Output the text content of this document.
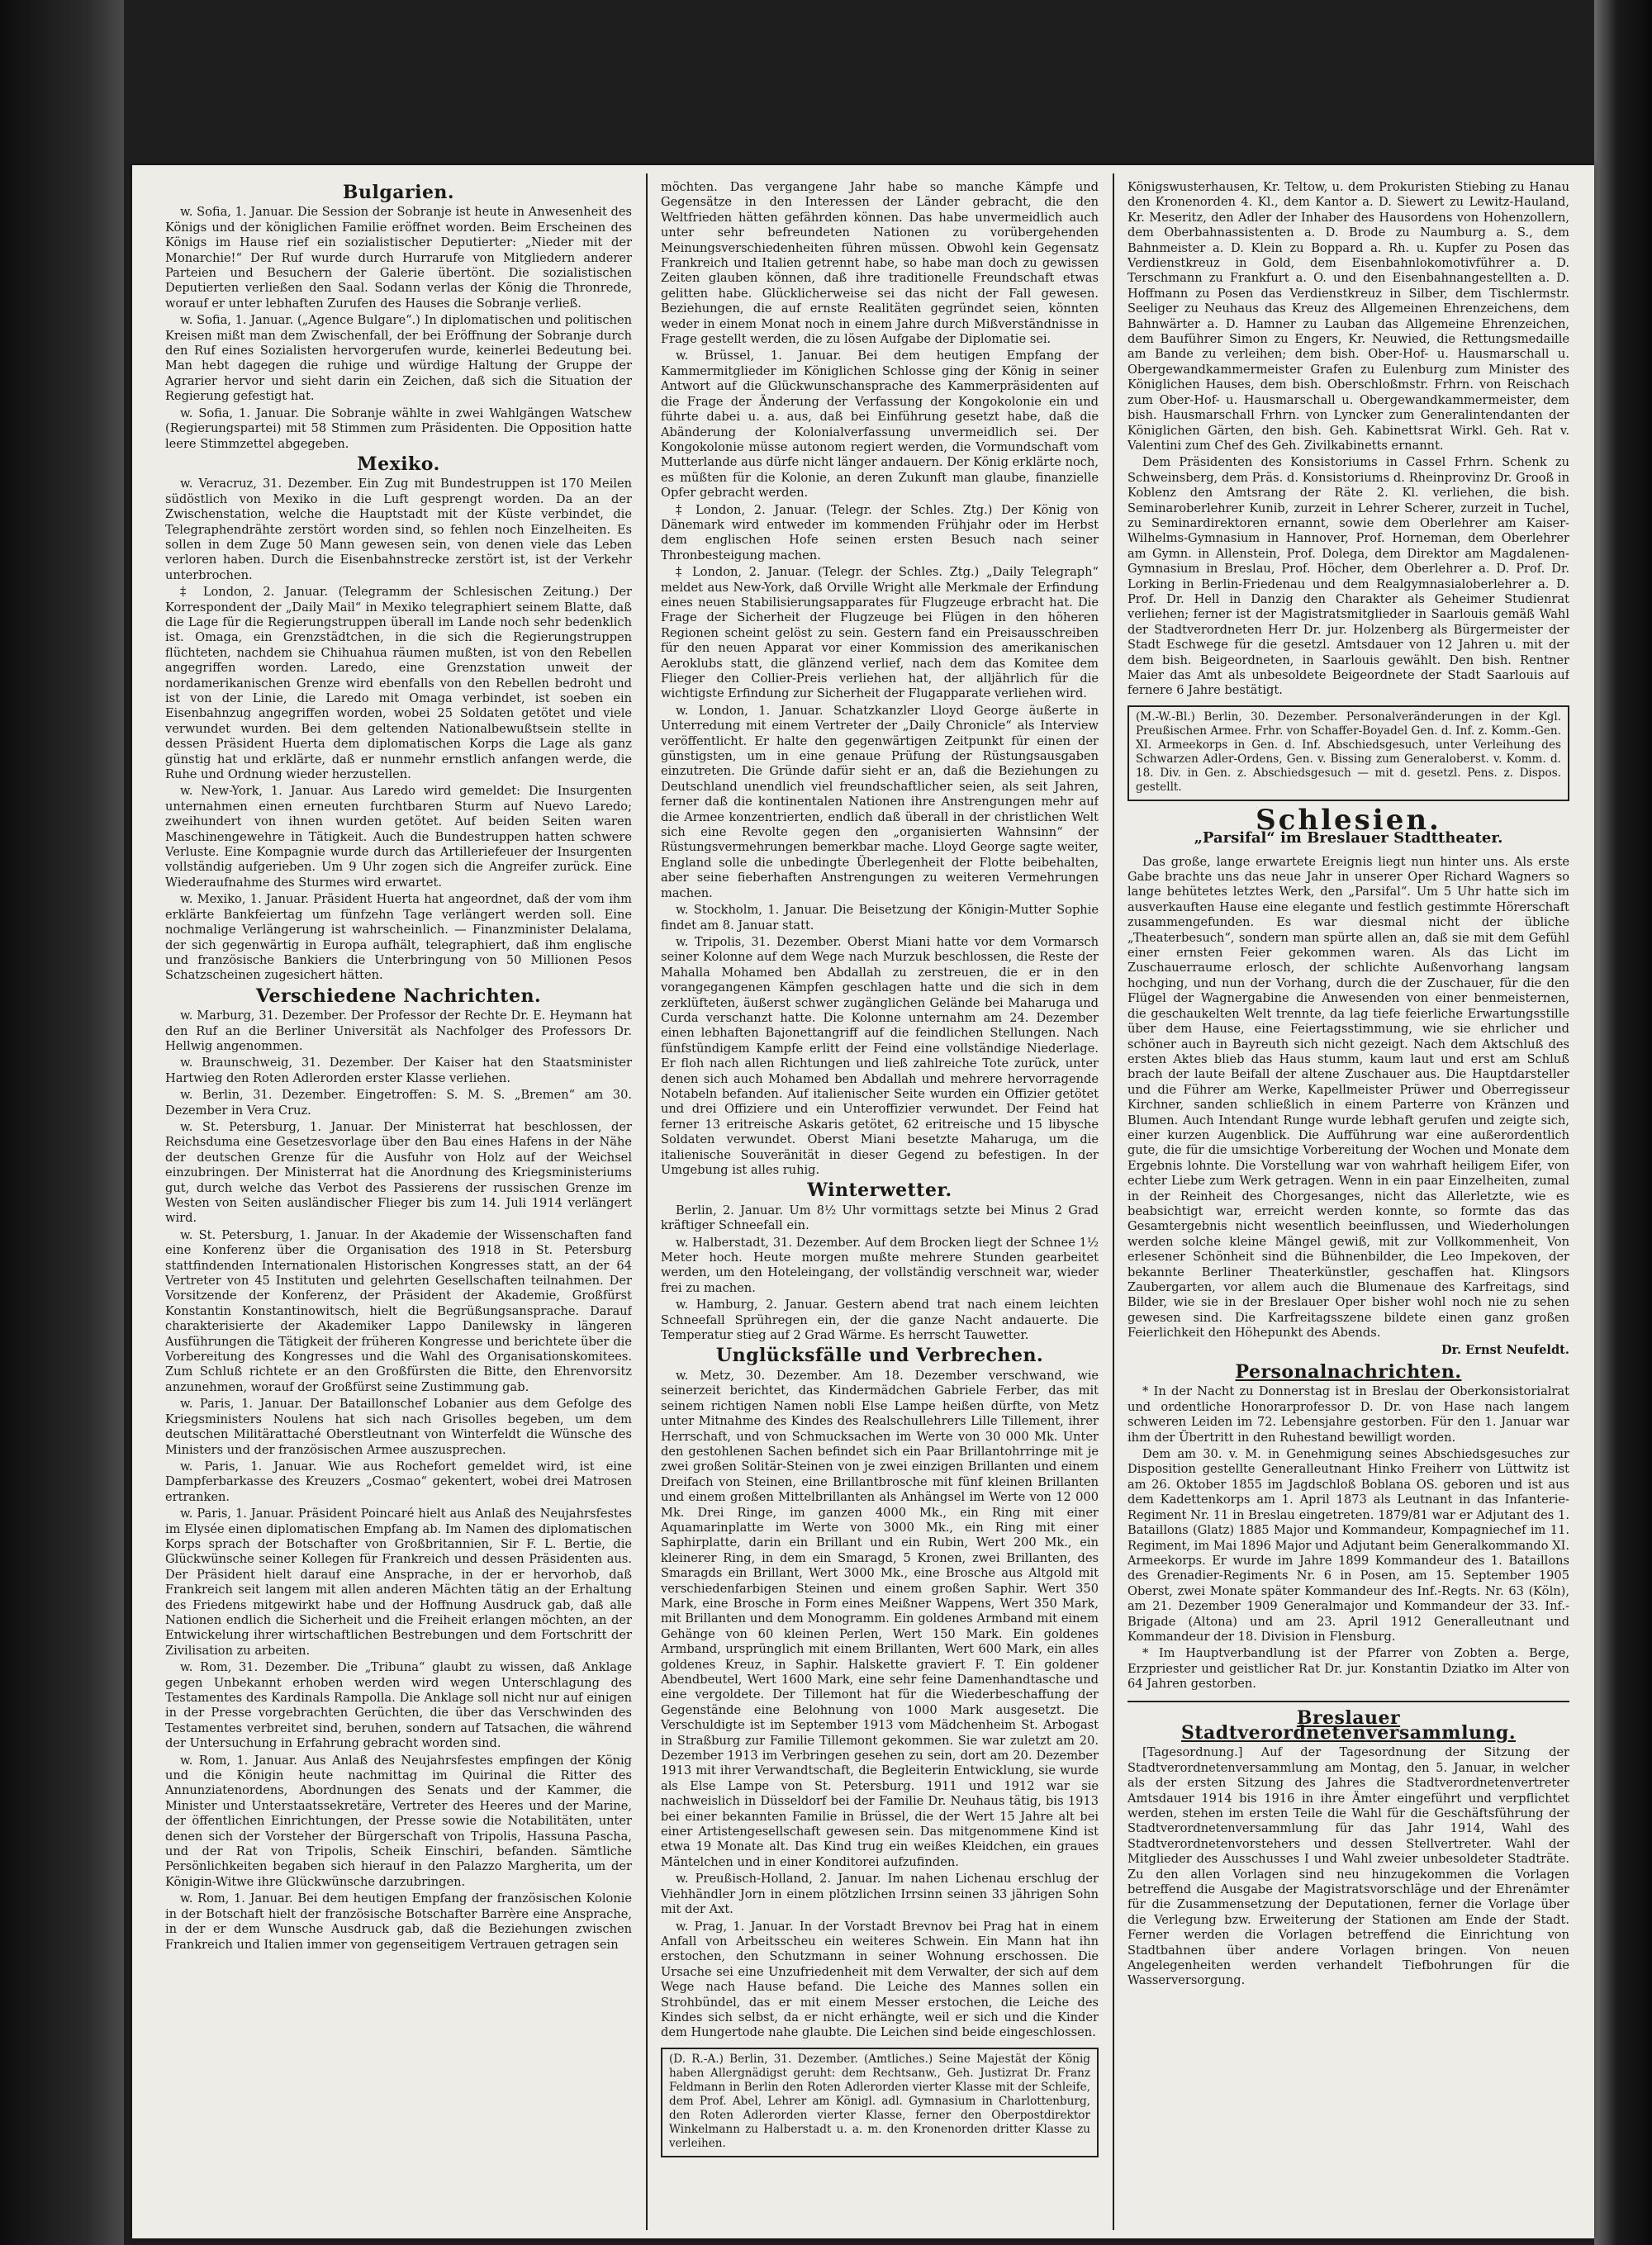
Bulgarien.

w. Sofia, 1. Januar. Die Session der Sobranje ist heute in Anwesenheit des Königs und der königlichen Familie eröffnet worden. Beim Erscheinen des Königs im Hause rief ein sozialistischer Deputierter: „Nieder mit der Monarchie!“ Der Ruf wurde durch Hurrarufe von Mitgliedern anderer Parteien und Besuchern der Galerie übertönt. Die sozialistischen Deputierten verließen den Saal. Sodann verlas der König die Thronrede, worauf er unter lebhaften Zurufen des Hauses die Sobranje verließ.

w. Sofia, 1. Januar. („Agence Bulgare“.) In diplomatischen und politischen Kreisen mißt man dem Zwischenfall, der bei Eröffnung der Sobranje durch den Ruf eines Sozialisten hervorgerufen wurde, keinerlei Bedeutung bei. Man hebt dagegen die ruhige und würdige Haltung der Gruppe der Agrarier hervor und sieht darin ein Zeichen, daß sich die Situation der Regierung gefestigt hat.

w. Sofia, 1. Januar. Die Sobranje wählte in zwei Wahlgängen Watschew (Regierungspartei) mit 58 Stimmen zum Präsidenten. Die Opposition hatte leere Stimmzettel abgegeben.

Mexiko.

w. Veracruz, 31. Dezember. Ein Zug mit Bundestruppen ist 170 Meilen südöstlich von Mexiko in die Luft gesprengt worden. Da an der Zwischenstation, welche die Hauptstadt mit der Küste verbindet, die Telegraphendrähte zerstört worden sind, so fehlen noch Einzelheiten. Es sollen in dem Zuge 50 Mann gewesen sein, von denen viele das Leben verloren haben. Durch die Eisenbahnstrecke zerstört ist, ist der Verkehr unterbrochen.

‡ London, 2. Januar. (Telegramm der Schlesischen Zeitung.) Der Korrespondent der „Daily Mail“ in Mexiko telegraphiert seinem Blatte, daß die Lage für die Regierungstruppen überall im Lande noch sehr bedenklich ist. Omaga, ein Grenzstädtchen, in die sich die Regierungstruppen flüchteten, nachdem sie Chihuahua räumen mußten, ist von den Rebellen angegriffen worden. Laredo, eine Grenzstation unweit der nordamerikanischen Grenze wird ebenfalls von den Rebellen bedroht und ist von der Linie, die Laredo mit Omaga verbindet, ist soeben ein Eisenbahnzug angegriffen worden, wobei 25 Soldaten getötet und viele verwundet wurden. Bei dem geltenden Nationalbewußtsein stellte in dessen Präsident Huerta dem diplomatischen Korps die Lage als ganz günstig hat und erklärte, daß er nunmehr ernstlich anfangen werde, die Ruhe und Ordnung wieder herzustellen.

w. New-York, 1. Januar. Aus Laredo wird gemeldet: Die Insurgenten unternahmen einen erneuten furchtbaren Sturm auf Nuevo Laredo; zweihundert von ihnen wurden getötet. Auf beiden Seiten waren Maschinengewehre in Tätigkeit. Auch die Bundestruppen hatten schwere Verluste. Eine Kompagnie wurde durch das Artilleriefeuer der Insurgenten vollständig aufgerieben. Um 9 Uhr zogen sich die Angreifer zurück. Eine Wiederaufnahme des Sturmes wird erwartet.

w. Mexiko, 1. Januar. Präsident Huerta hat angeordnet, daß der vom ihm erklärte Bankfeiertag um fünfzehn Tage verlängert werden soll. Eine nochmalige Verlängerung ist wahrscheinlich. — Finanzminister Delalama, der sich gegenwärtig in Europa aufhält, telegraphiert, daß ihm englische und französische Bankiers die Unterbringung von 50 Millionen Pesos Schatzscheinen zugesichert hätten.

Verschiedene Nachrichten.

w. Marburg, 31. Dezember. Der Professor der Rechte Dr. E. Heymann hat den Ruf an die Berliner Universität als Nachfolger des Professors Dr. Hellwig angenommen.

w. Braunschweig, 31. Dezember. Der Kaiser hat den Staatsminister Hartwieg den Roten Adlerorden erster Klasse verliehen.

w. Berlin, 31. Dezember. Eingetroffen: S. M. S. „Bremen“ am 30. Dezember in Vera Cruz.

w. St. Petersburg, 1. Januar. Der Ministerrat hat beschlossen, der Reichsduma eine Gesetzesvorlage über den Bau eines Hafens in der Nähe der deutschen Grenze für die Ausfuhr von Holz auf der Weichsel einzubringen. Der Ministerrat hat die Anordnung des Kriegsministeriums gut, durch welche das Verbot des Passierens der russischen Grenze im Westen von Seiten ausländischer Flieger bis zum 14. Juli 1914 verlängert wird.

w. St. Petersburg, 1. Januar. In der Akademie der Wissenschaften fand eine Konferenz über die Organisation des 1918 in St. Petersburg stattfindenden Internationalen Historischen Kongresses statt, an der 64 Vertreter von 45 Instituten und gelehrten Gesellschaften teilnahmen. Der Vorsitzende der Konferenz, der Präsident der Akademie, Großfürst Konstantin Konstantinowitsch, hielt die Begrüßungsansprache. Darauf charakterisierte der Akademiker Lappo Danilewsky in längeren Ausführungen die Tätigkeit der früheren Kongresse und berichtete über die Vorbereitung des Kongresses und die Wahl des Organisationskomitees. Zum Schluß richtete er an den Großfürsten die Bitte, den Ehrenvorsitz anzunehmen, worauf der Großfürst seine Zustimmung gab.

w. Paris, 1. Januar. Der Bataillonschef Lobanier aus dem Gefolge des Kriegsministers Noulens hat sich nach Grisolles begeben, um dem deutschen Militärattaché Oberstleutnant von Winterfeldt die Wünsche des Ministers und der französischen Armee auszusprechen.

w. Paris, 1. Januar. Wie aus Rochefort gemeldet wird, ist eine Dampferbarkasse des Kreuzers „Cosmao“ gekentert, wobei drei Matrosen ertranken.

w. Paris, 1. Januar. Präsident Poincaré hielt aus Anlaß des Neujahrsfestes im Elysée einen diplomatischen Empfang ab. Im Namen des diplomatischen Korps sprach der Botschafter von Großbritannien, Sir F. L. Bertie, die Glückwünsche seiner Kollegen für Frankreich und dessen Präsidenten aus. Der Präsident hielt darauf eine Ansprache, in der er hervorhob, daß Frankreich seit langem mit allen anderen Mächten tätig an der Erhaltung des Friedens mitgewirkt habe und der Hoffnung Ausdruck gab, daß alle Nationen endlich die Sicherheit und die Freiheit erlangen möchten, an der Entwickelung ihrer wirtschaftlichen Bestrebungen und dem Fortschritt der Zivilisation zu arbeiten.

w. Rom, 31. Dezember. Die „Tribuna“ glaubt zu wissen, daß Anklage gegen Unbekannt erhoben werden wird wegen Unterschlagung des Testamentes des Kardinals Rampolla. Die Anklage soll nicht nur auf einigen in der Presse vorgebrachten Gerüchten, die über das Verschwinden des Testamentes verbreitet sind, beruhen, sondern auf Tatsachen, die während der Untersuchung in Erfahrung gebracht worden sind.

w. Rom, 1. Januar. Aus Anlaß des Neujahrsfestes empfingen der König und die Königin heute nachmittag im Quirinal die Ritter des Annunziatenordens, Abordnungen des Senats und der Kammer, die Minister und Unterstaatssekretäre, Vertreter des Heeres und der Marine, der öffentlichen Einrichtungen, der Presse sowie die Notabilitäten, unter denen sich der Vorsteher der Bürgerschaft von Tripolis, Hassuna Pascha, und der Rat von Tripolis, Scheik Einschiri, befanden. Sämtliche Persönlichkeiten begaben sich hierauf in den Palazzo Margherita, um der Königin-Witwe ihre Glückwünsche darzubringen.

w. Rom, 1. Januar. Bei dem heutigen Empfang der französischen Kolonie in der Botschaft hielt der französische Botschafter Barrère eine Ansprache, in der er dem Wunsche Ausdruck gab, daß die Beziehungen zwischen Frankreich und Italien immer von gegenseitigem Vertrauen getragen sein

möchten. Das vergangene Jahr habe so manche Kämpfe und Gegensätze in den Interessen der Länder gebracht, die den Weltfrieden hätten gefährden können. Das habe unvermeidlich auch unter sehr befreundeten Nationen zu vorübergehenden Meinungsverschiedenheiten führen müssen. Obwohl kein Gegensatz Frankreich und Italien getrennt habe, so habe man doch zu gewissen Zeiten glauben können, daß ihre traditionelle Freundschaft etwas gelitten habe. Glücklicherweise sei das nicht der Fall gewesen. Beziehungen, die auf ernste Realitäten gegründet seien, könnten weder in einem Monat noch in einem Jahre durch Mißverständnisse in Frage gestellt werden, die zu lösen Aufgabe der Diplomatie sei.

w. Brüssel, 1. Januar. Bei dem heutigen Empfang der Kammermitglieder im Königlichen Schlosse ging der König in seiner Antwort auf die Glückwunschansprache des Kammerpräsidenten auf die Frage der Änderung der Verfassung der Kongokolonie ein und führte dabei u. a. aus, daß bei Einführung gesetzt habe, daß die Abänderung der Kolonialverfassung unvermeidlich sei. Der Kongokolonie müsse autonom regiert werden, die Vormundschaft vom Mutterlande aus dürfe nicht länger andauern. Der König erklärte noch, es müßten für die Kolonie, an deren Zukunft man glaube, finanzielle Opfer gebracht werden.

‡ London, 2. Januar. (Telegr. der Schles. Ztg.) Der König von Dänemark wird entweder im kommenden Frühjahr oder im Herbst dem englischen Hofe seinen ersten Besuch nach seiner Thronbesteigung machen.

‡ London, 2. Januar. (Telegr. der Schles. Ztg.) „Daily Telegraph“ meldet aus New-York, daß Orville Wright alle Merkmale der Erfindung eines neuen Stabilisierungsapparates für Flugzeuge erbracht hat. Die Frage der Sicherheit der Flugzeuge bei Flügen in den höheren Regionen scheint gelöst zu sein. Gestern fand ein Preisausschreiben für den neuen Apparat vor einer Kommission des amerikanischen Aeroklubs statt, die glänzend verlief, nach dem das Komitee dem Flieger den Collier-Preis verliehen hat, der alljährlich für die wichtigste Erfindung zur Sicherheit der Flugapparate verliehen wird.

w. London, 1. Januar. Schatzkanzler Lloyd George äußerte in Unterredung mit einem Vertreter der „Daily Chronicle“ als Interview veröffentlicht. Er halte den gegenwärtigen Zeitpunkt für einen der günstigsten, um in eine genaue Prüfung der Rüstungsausgaben einzutreten. Die Gründe dafür sieht er an, daß die Beziehungen zu Deutschland unendlich viel freundschaftlicher seien, als seit Jahren, ferner daß die kontinentalen Nationen ihre Anstrengungen mehr auf die Armee konzentrierten, endlich daß überall in der christlichen Welt sich eine Revolte gegen den „organisierten Wahnsinn“ der Rüstungsvermehrungen bemerkbar mache. Lloyd George sagte weiter, England solle die unbedingte Überlegenheit der Flotte beibehalten, aber seine fieberhaften Anstrengungen zu weiteren Vermehrungen machen.

w. Stockholm, 1. Januar. Die Beisetzung der Königin-Mutter Sophie findet am 8. Januar statt.

w. Tripolis, 31. Dezember. Oberst Miani hatte vor dem Vormarsch seiner Kolonne auf dem Wege nach Murzuk beschlossen, die Reste der Mahalla Mohamed ben Abdallah zu zerstreuen, die er in den vorangegangenen Kämpfen geschlagen hatte und die sich in dem zerklüfteten, äußerst schwer zugänglichen Gelände bei Maharuga und Curda verschanzt hatte. Die Kolonne unternahm am 24. Dezember einen lebhaften Bajonettangriff auf die feindlichen Stellungen. Nach fünfstündigem Kampfe erlitt der Feind eine vollständige Niederlage. Er floh nach allen Richtungen und ließ zahlreiche Tote zurück, unter denen sich auch Mohamed ben Abdallah und mehrere hervorragende Notabeln befanden. Auf italienischer Seite wurden ein Offizier getötet und drei Offiziere und ein Unteroffizier verwundet. Der Feind hat ferner 13 eritreische Askaris getötet, 62 eritreische und 15 libysche Soldaten verwundet. Oberst Miani besetzte Maharuga, um die italienische Souveränität in dieser Gegend zu befestigen. In der Umgebung ist alles ruhig.

Winterwetter.

Berlin, 2. Januar. Um 8½ Uhr vormittags setzte bei Minus 2 Grad kräftiger Schneefall ein.

w. Halberstadt, 31. Dezember. Auf dem Brocken liegt der Schnee 1½ Meter hoch. Heute morgen mußte mehrere Stunden gearbeitet werden, um den Hoteleingang, der vollständig verschneit war, wieder frei zu machen.

w. Hamburg, 2. Januar. Gestern abend trat nach einem leichten Schneefall Sprühregen ein, der die ganze Nacht andauerte. Die Temperatur stieg auf 2 Grad Wärme. Es herrscht Tauwetter.

Unglücksfälle und Verbrechen.

w. Metz, 30. Dezember. Am 18. Dezember verschwand, wie seinerzeit berichtet, das Kindermädchen Gabriele Ferber, das mit seinem richtigen Namen nobli Else Lampe heißen dürfte, von Metz unter Mitnahme des Kindes des Realschullehrers Lille Tillement, ihrer Herrschaft, und von Schmucksachen im Werte von 30 000 Mk. Unter den gestohlenen Sachen befindet sich ein Paar Brillantohrringe mit je zwei großen Solitär-Steinen von je zwei einzigen Brillanten und einem Dreifach von Steinen, eine Brillantbrosche mit fünf kleinen Brillanten und einem großen Mittelbrillanten als Anhängsel im Werte von 12 000 Mk. Drei Ringe, im ganzen 4000 Mk., ein Ring mit einer Aquamarinplatte im Werte von 3000 Mk., ein Ring mit einer Saphirplatte, darin ein Brillant und ein Rubin, Wert 200 Mk., ein kleinerer Ring, in dem ein Smaragd, 5 Kronen, zwei Brillanten, des Smaragds ein Brillant, Wert 3000 Mk., eine Brosche aus Altgold mit verschiedenfarbigen Steinen und einem großen Saphir. Wert 350 Mark, eine Brosche in Form eines Meißner Wappens, Wert 350 Mark, mit Brillanten und dem Monogramm. Ein goldenes Armband mit einem Gehänge von 60 kleinen Perlen, Wert 150 Mark. Ein goldenes Armband, ursprünglich mit einem Brillanten, Wert 600 Mark, ein alles goldenes Kreuz, in Saphir. Halskette graviert F. T. Ein goldener Abendbeutel, Wert 1600 Mark, eine sehr feine Damenhandtasche und eine vergoldete. Der Tillemont hat für die Wiederbeschaffung der Gegenstände eine Belohnung von 1000 Mark ausgesetzt. Die Verschuldigte ist im September 1913 vom Mädchenheim St. Arbogast in Straßburg zur Familie Tillemont gekommen. Sie war zuletzt am 20. Dezember 1913 im Verbringen gesehen zu sein, dort am 20. Dezember 1913 mit ihrer Verwandtschaft, die Begleiterin Entwicklung, sie wurde als Else Lampe von St. Petersburg. 1911 und 1912 war sie nachweislich in Düsseldorf bei der Familie Dr. Neuhaus tätig, bis 1913 bei einer bekannten Familie in Brüssel, die der Wert 15 Jahre alt bei einer Artistengesellschaft gewesen sein. Das mitgenommene Kind ist etwa 19 Monate alt. Das Kind trug ein weißes Kleidchen, ein graues Mäntelchen und in einer Konditorei aufzufinden.

w. Preußisch-Holland, 2. Januar. Im nahen Lichenau erschlug der Viehhändler Jorn in einem plötzlichen Irrsinn seinen 33 jährigen Sohn mit der Axt.

w. Prag, 1. Januar. In der Vorstadt Brevnov bei Prag hat in einem Anfall von Arbeitsscheu ein weiteres Schwein. Ein Mann hat ihn erstochen, den Schutzmann in seiner Wohnung erschossen. Die Ursache sei eine Unzufriedenheit mit dem Verwalter, der sich auf dem Wege nach Hause befand. Die Leiche des Mannes sollen ein Strohbündel, das er mit einem Messer erstochen, die Leiche des Kindes sich selbst, da er nicht erhängte, weil er sich und die Kinder dem Hungertode nahe glaubte. Die Leichen sind beide eingeschlossen.

(D. R.-A.) Berlin, 31. Dezember. (Amtliches.) Seine Majestät der König haben Allergnädigst geruht: dem Rechtsanw., Geh. Justizrat Dr. Franz Feldmann in Berlin den Roten Adlerorden vierter Klasse mit der Schleife, dem Prof. Abel, Lehrer am Königl. adl. Gymnasium in Charlottenburg, den Roten Adlerorden vierter Klasse, ferner den Oberpostdirektor Winkelmann zu Halberstadt u. a. m. den Kronenorden dritter Klasse zu verleihen.

Königswusterhausen, Kr. Teltow, u. dem Prokuristen Stiebing zu Hanau den Kronenorden 4. Kl., dem Kantor a. D. Siewert zu Lewitz-Hauland, Kr. Meseritz, den Adler der Inhaber des Hausordens von Hohenzollern, dem Oberbahnassistenten a. D. Brode zu Naumburg a. S., dem Bahnmeister a. D. Klein zu Boppard a. Rh. u. Kupfer zu Posen das Verdienstkreuz in Gold, dem Eisenbahnlokomotivführer a. D. Terschmann zu Frankfurt a. O. und den Eisenbahnangestellten a. D. Hoffmann zu Posen das Verdienstkreuz in Silber, dem Tischlermstr. Seeliger zu Neuhaus das Kreuz des Allgemeinen Ehrenzeichens, dem Bahnwärter a. D. Hamner zu Lauban das Allgemeine Ehrenzeichen, dem Bauführer Simon zu Engers, Kr. Neuwied, die Rettungsmedaille am Bande zu verleihen; dem bish. Ober-Hof- u. Hausmarschall u. Obergewandkammermeister Grafen zu Eulenburg zum Minister des Königlichen Hauses, dem bish. Oberschloßmstr. Frhrn. von Reischach zum Ober-Hof- u. Hausmarschall u. Obergewandkammermeister, dem bish. Hausmarschall Frhrn. von Lyncker zum Generalintendanten der Königlichen Gärten, den bish. Geh. Kabinettsrat Wirkl. Geh. Rat v. Valentini zum Chef des Geh. Zivilkabinetts ernannt.

Dem Präsidenten des Konsistoriums in Cassel Frhrn. Schenk zu Schweinsberg, dem Präs. d. Konsistoriums d. Rheinprovinz Dr. Grooß in Koblenz den Amtsrang der Räte 2. Kl. verliehen, die bish. Seminaroberlehrer Kunib, zurzeit in Lehrer Scherer, zurzeit in Tuchel, zu Seminardirektoren ernannt, sowie dem Oberlehrer am Kaiser-Wilhelms-Gymnasium in Hannover, Prof. Horneman, dem Oberlehrer am Gymn. in Allenstein, Prof. Dolega, dem Direktor am Magdalenen-Gymnasium in Breslau, Prof. Höcher, dem Oberlehrer a. D. Prof. Dr. Lorking in Berlin-Friedenau und dem Realgymnasialoberlehrer a. D. Prof. Dr. Hell in Danzig den Charakter als Geheimer Studienrat verliehen; ferner ist der Magistratsmitglieder in Saarlouis gemäß Wahl der Stadtverordneten Herr Dr. jur. Holzenberg als Bürgermeister der Stadt Eschwege für die gesetzl. Amtsdauer von 12 Jahren u. mit der dem bish. Beigeordneten, in Saarlouis gewählt. Den bish. Rentner Maier das Amt als unbesoldete Beigeordnete der Stadt Saarlouis auf fernere 6 Jahre bestätigt.

(M.-W.-Bl.) Berlin, 30. Dezember. Personalveränderungen in der Kgl. Preußischen Armee. Frhr. von Schaffer-Boyadel Gen. d. Inf. z. Komm.-Gen. XI. Armeekorps in Gen. d. Inf. Abschiedsgesuch, unter Verleihung des Schwarzen Adler-Ordens, Gen. v. Bissing zum Generaloberst. v. Komm. d. 18. Div. in Gen. z. Abschiedsgesuch — mit d. gesetzl. Pens. z. Dispos. gestellt.

Schlesien.
„Parsifal“ im Breslauer Stadttheater.

Das große, lange erwartete Ereignis liegt nun hinter uns. Als erste Gabe brachte uns das neue Jahr in unserer Oper Richard Wagners so lange behütetes letztes Werk, den „Parsifal“. Um 5 Uhr hatte sich im ausverkauften Hause eine elegante und festlich gestimmte Hörerschaft zusammengefunden. Es war diesmal nicht der übliche „Theaterbesuch“, sondern man spürte allen an, daß sie mit dem Gefühl einer ernsten Feier gekommen waren. Als das Licht im Zuschauerraume erlosch, der schlichte Außenvorhang langsam hochging, und nun der Vorhang, durch die der Zuschauer, für die den Flügel der Wagnergabine die Anwesenden von einer benmeisternen, die geschaukelten Welt trennte, da lag tiefe feierliche Erwartungsstille über dem Hause, eine Feiertagsstimmung, wie sie ehrlicher und schöner auch in Bayreuth sich nicht gezeigt. Nach dem Aktschluß des ersten Aktes blieb das Haus stumm, kaum laut und erst am Schluß brach der laute Beifall der altene Zuschauer aus. Die Hauptdarsteller und die Führer am Werke, Kapellmeister Prüwer und Oberregisseur Kirchner, sanden schließlich in einem Parterre von Kränzen und Blumen. Auch Intendant Runge wurde lebhaft gerufen und zeigte sich, einer kurzen Augenblick. Die Aufführung war eine außerordentlich gute, die für die umsichtige Vorbereitung der Wochen und Monate dem Ergebnis lohnte. Die Vorstellung war von wahrhaft heiligem Eifer, von echter Liebe zum Werk getragen. Wenn in ein paar Einzelheiten, zumal in der Reinheit des Chorgesanges, nicht das Allerletzte, wie es beabsichtigt war, erreicht werden konnte, so formte das das Gesamtergebnis nicht wesentlich beeinflussen, und Wiederholungen werden solche kleine Mängel gewiß, mit zur Vollkommenheit, Von erlesener Schönheit sind die Bühnenbilder, die Leo Impekoven, der bekannte Berliner Theaterkünstler, geschaffen hat. Klingsors Zaubergarten, vor allem auch die Blumenaue des Karfreitags, sind Bilder, wie sie in der Breslauer Oper bisher wohl noch nie zu sehen gewesen sind. Die Karfreitagsszene bildete einen ganz großen Feierlichkeit den Höhepunkt des Abends.

Dr. Ernst Neufeldt.

Personalnachrichten.

* In der Nacht zu Donnerstag ist in Breslau der Oberkonsistorialrat und ordentliche Honorarprofessor D. Dr. von Hase nach langem schweren Leiden im 72. Lebensjahre gestorben. Für den 1. Januar war ihm der Übertritt in den Ruhestand bewilligt worden.

Dem am 30. v. M. in Genehmigung seines Abschiedsgesuches zur Disposition gestellte Generalleutnant Hinko Freiherr von Lüttwitz ist am 26. Oktober 1855 im Jagdschloß Boblana OS. geboren und ist aus dem Kadettenkorps am 1. April 1873 als Leutnant in das Infanterie-Regiment Nr. 11 in Breslau eingetreten. 1879/81 war er Adjutant des 1. Bataillons (Glatz) 1885 Major und Kommandeur, Kompagniechef im 11. Regiment, im Mai 1896 Major und Adjutant beim Generalkommando XI. Armeekorps. Er wurde im Jahre 1899 Kommandeur des 1. Bataillons des Grenadier-Regiments Nr. 6 in Posen, am 15. September 1905 Oberst, zwei Monate später Kommandeur des Inf.-Regts. Nr. 63 (Köln), am 21. Dezember 1909 Generalmajor und Kommandeur der 33. Inf.-Brigade (Altona) und am 23. April 1912 Generalleutnant und Kommandeur der 18. Division in Flensburg.

* Im Hauptverbandlung ist der Pfarrer von Zobten a. Berge, Erzpriester und geistlicher Rat Dr. jur. Konstantin Dziatko im Alter von 64 Jahren gestorben.

Breslauer Stadtverordnetenversammlung.

[Tagesordnung.] Auf der Tagesordnung der Sitzung der Stadtverordnetenversammlung am Montag, den 5. Januar, in welcher als der ersten Sitzung des Jahres die Stadtverordnetenvertreter Amtsdauer 1914 bis 1916 in ihre Ämter eingeführt und verpflichtet werden, stehen im ersten Teile die Wahl für die Geschäftsführung der Stadtverordnetenversammlung für das Jahr 1914, Wahl des Stadtverordnetenvorstehers und dessen Stellvertreter. Wahl der Mitglieder des Ausschusses I und Wahl zweier unbesoldeter Stadträte. Zu den allen Vorlagen sind neu hinzugekommen die Vorlagen betreffend die Ausgabe der Magistratsvorschläge und der Ehrenämter für die Zusammensetzung der Deputationen, ferner die Vorlage über die Verlegung bzw. Erweiterung der Stationen am Ende der Stadt. Ferner werden die Vorlagen betreffend die Einrichtung von Stadtbahnen über andere Vorlagen bringen. Von neuen Angelegenheiten werden verhandelt Tiefbohrungen für die Wasserversorgung.
